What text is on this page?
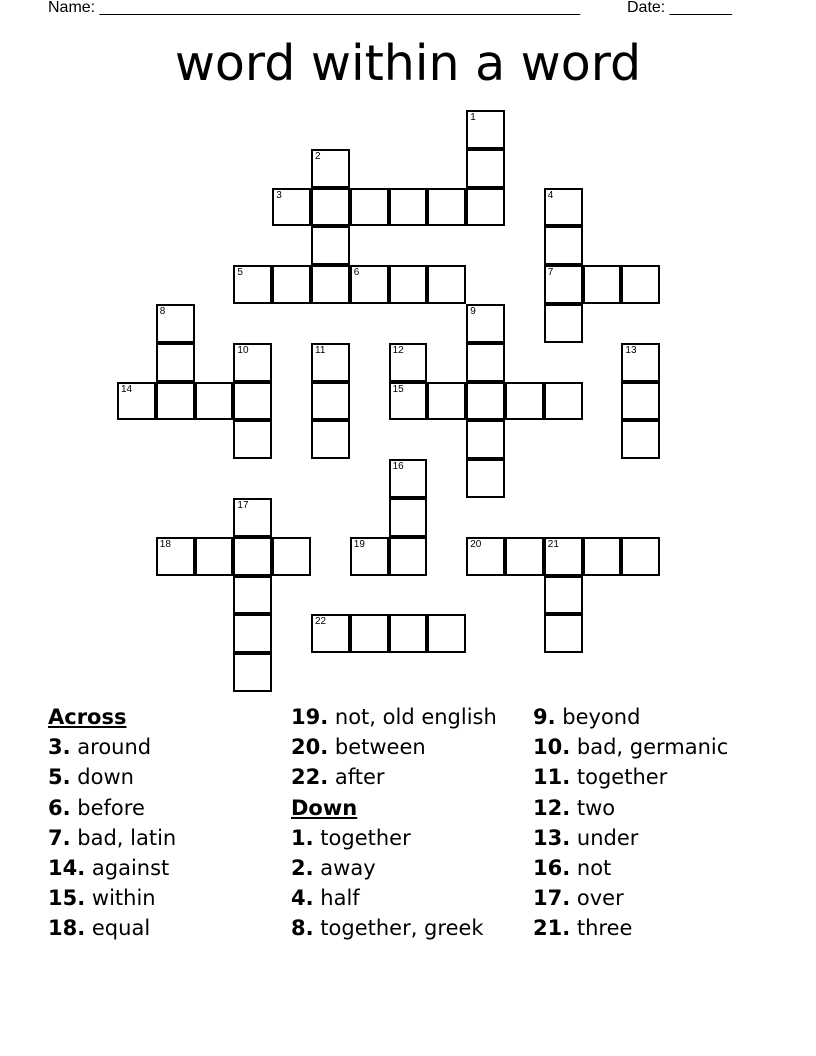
Name: ______________________________________________________	Date: _______
word within a word
1
2
3	4
7
5	6
8	9
10	11	12
15
13
14
16
17
18	19	20	21
22
Across
3. around
5. down
6. before
7. bad, latin
14. against
15. within
18. equal
19. not, old english
20. between
22. after
Down
1. together
2. away
4. half
8. together, greek
9. beyond
10. bad, germanic
11. together
12. two
13. under
16. not
17. over
21. three
